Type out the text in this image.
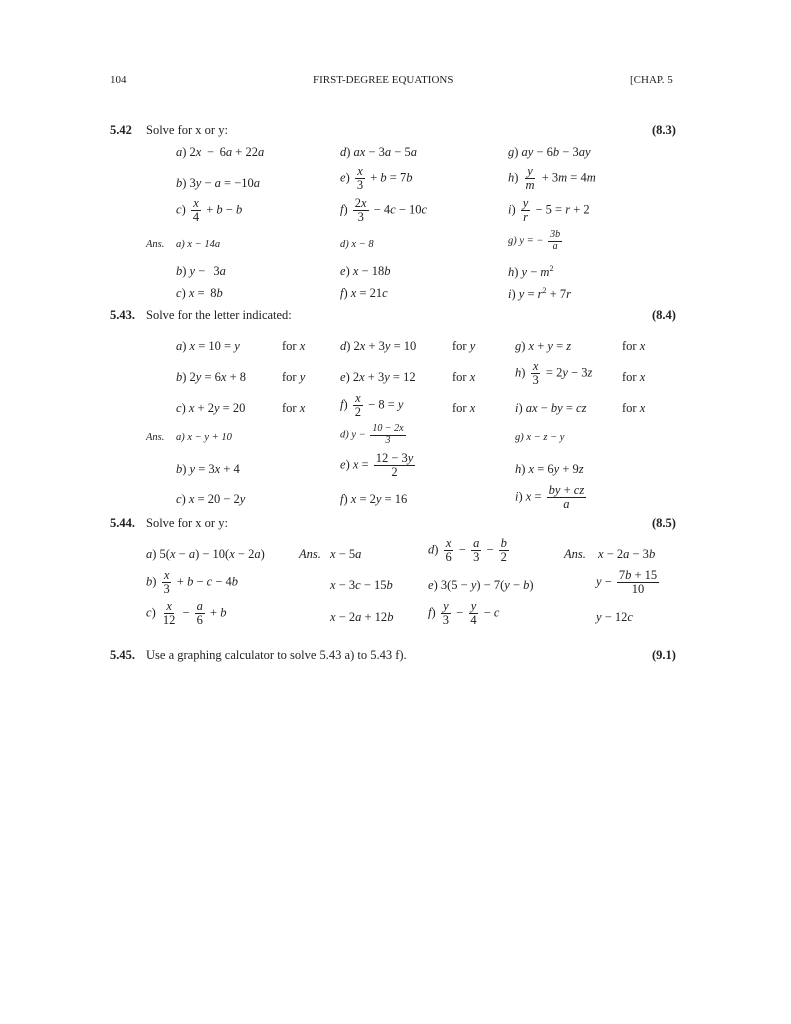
104	FIRST-DEGREE EQUATIONS	[CHAP. 5
5.42 Solve for x or y:	(8.3)
a) 2x  −  6a + 22a	d) ax − 3a − 5a	g) ay − 6b − 3ay
b) 3y − a = −10a	$e) \frac{x}{3} + b = 7b$	$h) \frac{y}{m} + 3m = 4m$
$c) \frac{x}{4} + b - b$	$f) \frac{2x}{3} - 4c - 10c$	$i) \frac{y}{r} - 5 = r + 2$
Ans. a) x − 14a	d) x − 8	g) y = − $\frac{3b}{a}$
b) y −   3a	e) x − 18b	h) $y - m^2$
c) x =  8b	f) x = 21c	i) $y = r^2 + 7r$
5.43. Solve for the letter indicated:	(8.4)
a) x = 10 = y	for x	d) 2x + 3y = 10	for y	g) x + y = z	for x
b) 2y = 6x + 8	for y	e) 2x + 3y = 12	for x	$h) \frac{x}{3} = 2y - 3z$ for x
c) x + 2y = 20	for x	$f) \frac{x}{2} - 8 = y$	for x	i) ax − by = cz	for x
Ans. a) x − y + 10	d) $y - \frac{10 - 2x}{3}$	g) x − z − y
b) y = 3x + 4	e) $x = \frac{12 - 3y}{2}$	h) x = 6y + 9z
c) x = 20 − 2y	f) x = 2y = 16	i) $x = \frac{by + cz}{a}$
5.44. Solve for x or y:	(8.5)
a) 5(x − a) − 10(x − 2a)	Ans. x − 5a	$d) \frac{x}{6} - \frac{a}{3} - \frac{b}{2}$	Ans. x − 2a − 3b
$b) \frac{x}{3} + b - c - 4b$	x − 3c − 15b	e) 3(5 − y) − 7(y − b)	$y - \frac{7b + 15}{10}$
$c) \frac{x}{12} - \frac{a}{6} + b$	x − 2a + 12b	$f) \frac{y}{3} - \frac{y}{4} - c$	y − 12c
5.45. Use a graphing calculator to solve 5.43 a) to 5.43 f).	(9.1)
